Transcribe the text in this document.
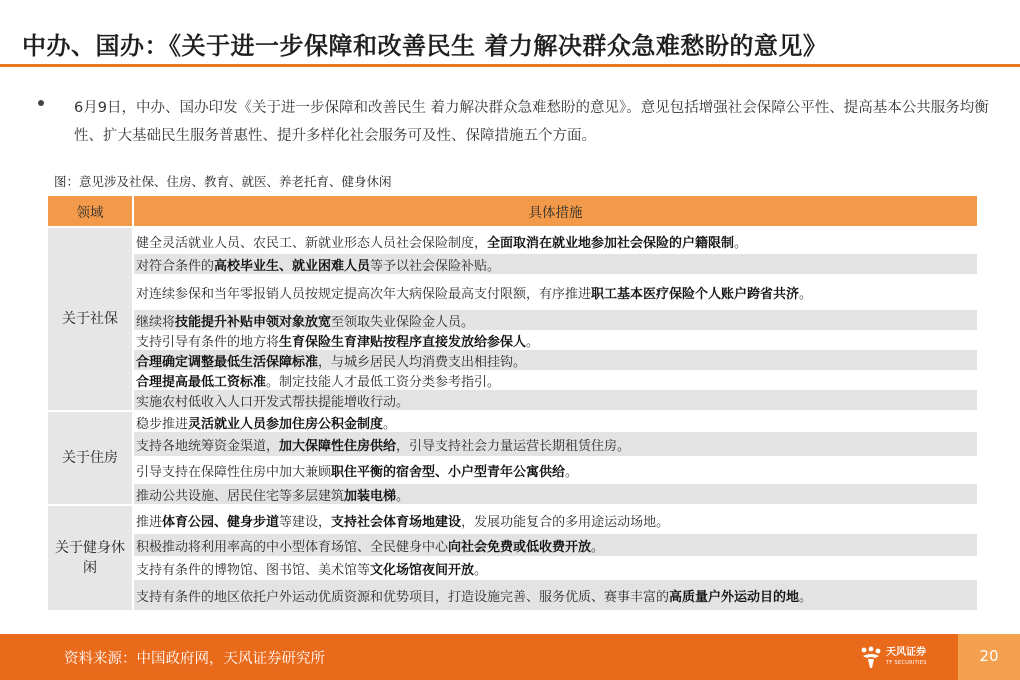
中办、国办：《关于进一步保障和改善民生 着力解决群众急难愁盼的意见》
6月9日，中办、国办印发《关于进一步保障和改善民生 着力解决群众急难愁盼的意见》。意见包括增强社会保障公平性、提高基本公共服务均衡性、扩大基础民生服务普惠性、提升多样化社会服务可及性、保障措施五个方面。
图：意见涉及社保、住房、教育、就医、养老托育、健身休闲
领域	具体措施
关于社保
健全灵活就业人员、农民工、新就业形态人员社会保险制度， 全面取消在就业地参加社会保险的户籍限制 。
对符合条件的 高校毕业生、就业困难人员 等予以社会保险补贴。
对连续参保和当年零报销人员按规定提高次年大病保险最高支付限额，有序推进 职工基本医疗保险个人账户跨省共济 。
继续将 技能提升补贴申领对象放宽 至领取失业保险金人员。
支持引导有条件的地方将 生育保险生育津贴按程序直接发放给参保人 。
合理确定调整最低生活保障标准 ，与城乡居民人均消费支出相挂钩。
合理提高最低工资标准 。制定技能人才最低工资分类参考指引。
实施农村低收入人口开发式帮扶提能增收行动。
关于住房
稳步推进 灵活就业人员参加住房公积金制度 。
支持各地统筹资金渠道， 加大保障性住房供给 ，引导支持社会力量运营长期租赁住房。
引导支持在保障性住房中加大兼顾 职住平衡的宿舍型、小户型青年公寓供给 。
推动公共设施、居民住宅等多层建筑 加装电梯 。
关于健身休闲
推进 体育公园、健身步道 等建设， 支持社会体育场地建设 ，发展功能复合的多用途运动场地。
积极推动将利用率高的中小型体育场馆、全民健身中心 向社会免费或低收费开放 。
支持有条件的博物馆、图书馆、美术馆等 文化场馆夜间开放 。
支持有条件的地区依托户外运动优质资源和优势项目，打造设施完善、服务优质、赛事丰富的 高质量户外运动目的地 。
资料来源：中国政府网，天风证券研究所	天风证券
TF SECURITIES	20
